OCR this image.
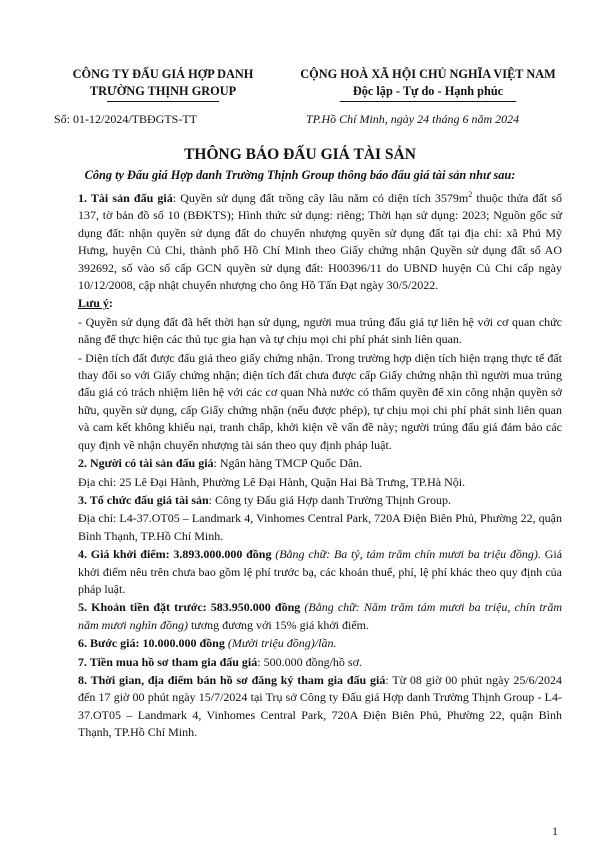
CÔNG TY ĐẤU GIÁ HỢP DANH
TRƯỜNG THỊNH GROUP
CỘNG HOÀ XÃ HỘI CHỦ NGHĨA VIỆT NAM
Độc lập - Tự do - Hạnh phúc
Số: 01-12/2024/TBĐGTS-TT	TP.Hồ Chí Minh, ngày 24 tháng 6 năm 2024
THÔNG BÁO ĐẤU GIÁ TÀI SẢN
Công ty Đấu giá Hợp danh Trường Thịnh Group thông báo đấu giá tài sản như sau:

1. Tài sản đấu giá: Quyền sử dụng đất trồng cây lâu năm có diện tích $3579m^2$ thuộc thửa đất số 137, tờ bản đồ số 10 (BĐKTS); Hình thức sử dụng: riêng; Thời hạn sử dụng: 2023; Nguồn gốc sử dụng đất: nhận quyền sử dụng đất do chuyển nhượng quyền sử dụng đất tại địa chỉ: xã Phú Mỹ Hưng, huyện Củ Chi, thành phố Hồ Chí Minh theo Giấy chứng nhận Quyền sử dụng đất số AO 392692, số vào sổ cấp GCN quyền sử dụng đất: H00396/11 do UBND huyện Củ Chi cấp ngày 10/12/2008, cập nhật chuyển nhượng cho ông Hồ Tấn Đạt ngày 30/5/2022.

Lưu ý:

- Quyền sử dụng đất đã hết thời hạn sử dụng, người mua trúng đấu giá tự liên hệ với cơ quan chức năng để thực hiện các thủ tục gia hạn và tự chịu mọi chi phí phát sinh liên quan.

- Diện tích đất được đấu giá theo giấy chứng nhận. Trong trường hợp diện tích hiện trạng thực tế đất thay đổi so với Giấy chứng nhận; diện tích đất chưa được cấp Giấy chứng nhận thì người mua trúng đấu giá có trách nhiệm liên hệ với các cơ quan Nhà nước có thẩm quyền để xin công nhận quyền sở hữu, quyền sử dụng, cấp Giấy chứng nhận (nếu được phép), tự chịu mọi chi phí phát sinh liên quan và cam kết không khiếu nại, tranh chấp, khởi kiện về vấn đề này; người trúng đấu giá đảm bảo các quy định về nhận chuyển nhượng tài sản theo quy định pháp luật.

2. Người có tài sản đấu giá: Ngân hàng TMCP Quốc Dân.

Địa chỉ: 25 Lê Đại Hành, Phường Lê Đại Hành, Quận Hai Bà Trưng, TP.Hà Nội.

3. Tổ chức đấu giá tài sản: Công ty Đấu giá Hợp danh Trường Thịnh Group.

Địa chỉ: L4-37.OT05 – Landmark 4, Vinhomes Central Park, 720A Điện Biên Phủ, Phường 22, quận Bình Thạnh, TP.Hồ Chí Minh.

4. Giá khởi điểm: 3.893.000.000 đồng (Bằng chữ: Ba tỷ, tám trăm chín mươi ba triệu đồng). Giá khởi điểm nêu trên chưa bao gồm lệ phí trước bạ, các khoản thuế, phí, lệ phí khác theo quy định của pháp luật.

5. Khoản tiền đặt trước: 583.950.000 đồng (Bằng chữ: Năm trăm tám mươi ba triệu, chín trăm năm mươi nghìn đồng) tương đương với 15% giá khởi điểm.

6. Bước giá: 10.000.000 đồng (Mười triệu đồng)/lần.

7. Tiền mua hồ sơ tham gia đấu giá: 500.000 đồng/hồ sơ.

8. Thời gian, địa điểm bán hồ sơ đăng ký tham gia đấu giá: Từ 08 giờ 00 phút ngày 25/6/2024 đến 17 giờ 00 phút ngày 15/7/2024 tại Trụ sở Công ty Đấu giá Hợp danh Trường Thịnh Group - L4-37.OT05 – Landmark 4, Vinhomes Central Park, 720A Điện Biên Phủ, Phường 22, quận Bình Thạnh, TP.Hồ Chí Minh.

1
